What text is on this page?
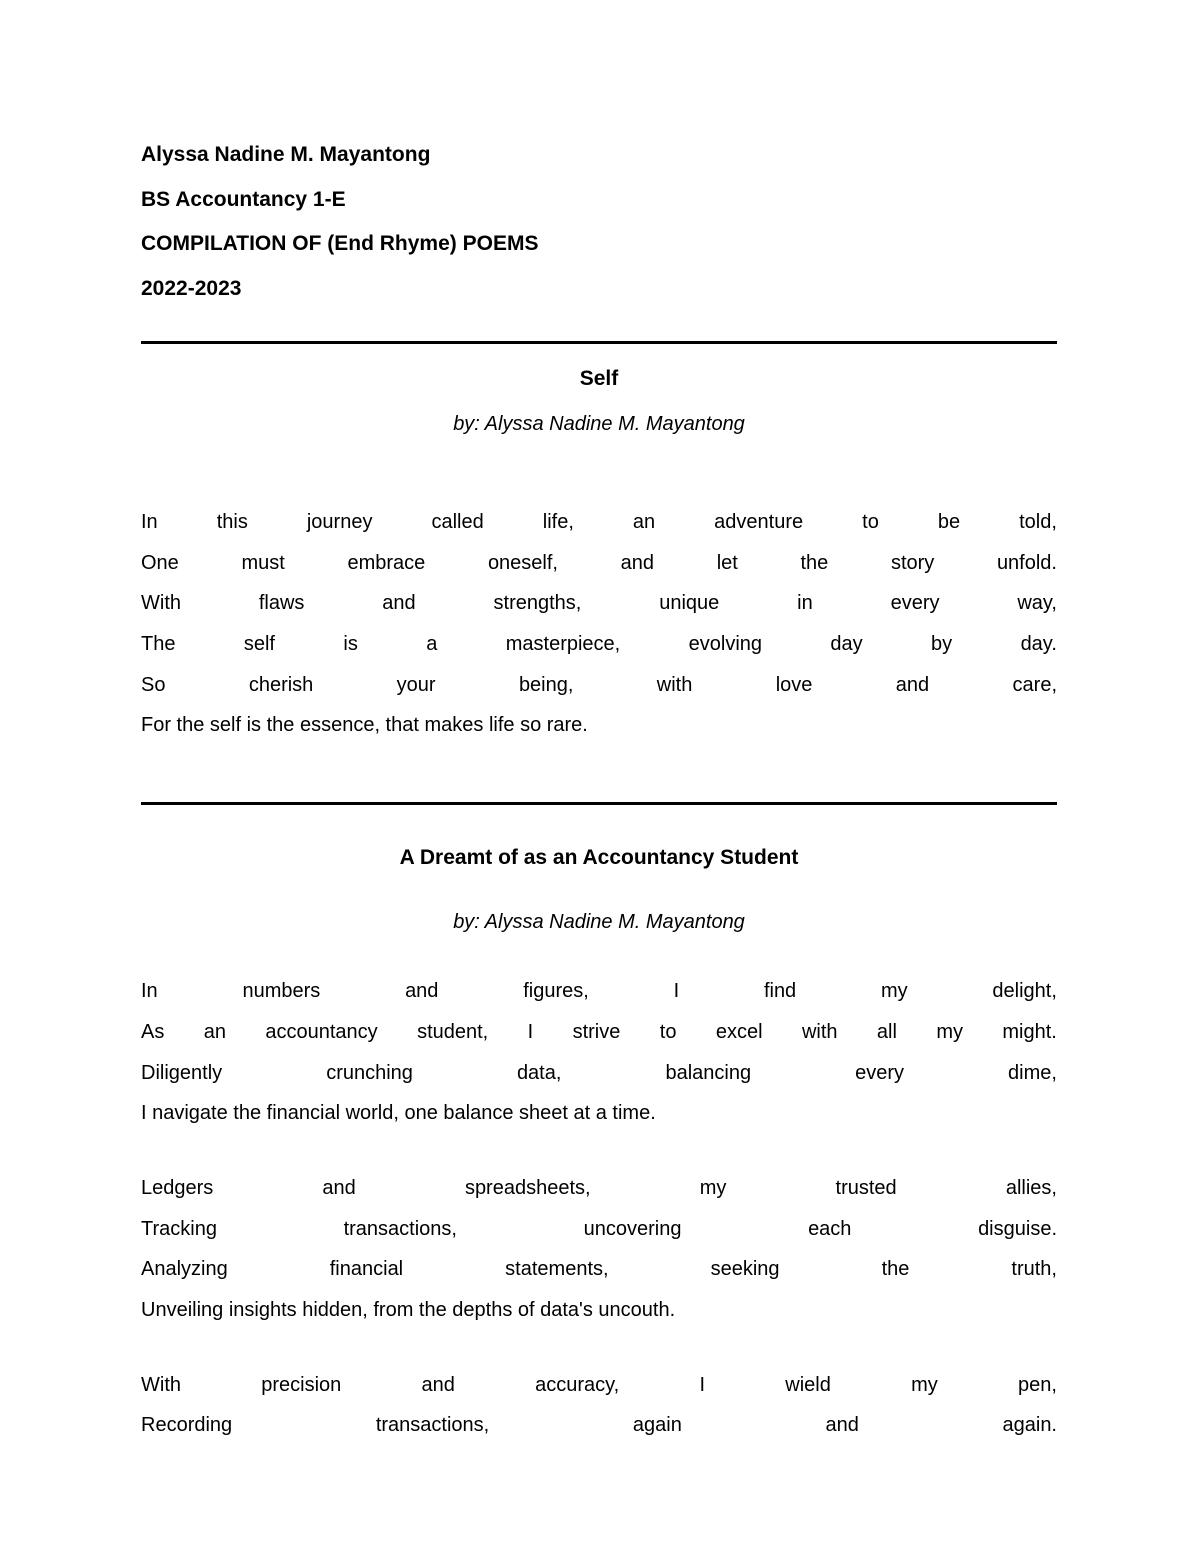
Alyssa Nadine M. Mayantong
BS Accountancy 1-E
COMPILATION OF (End Rhyme) POEMS
2022-2023
Self
by: Alyssa Nadine M. Mayantong
In	this	journey	called	life,	an	adventure	to	be	told,
One	must	embrace	oneself,	and	let	the	story	unfold.
With	flaws	and	strengths,	unique	in	every	way,
The	self	is	a	masterpiece,	evolving	day	by	day.
So	cherish	your	being,	with	love	and	care,
For the self is the essence, that makes life so rare.
A Dreamt of as an Accountancy Student
by: Alyssa Nadine M. Mayantong
In	numbers	and	figures,	I	find	my	delight,
As an accountancy student, I strive to excel with all my might.
Diligently	crunching	data,	balancing	every	dime,
I navigate the financial world, one balance sheet at a time.
Ledgers	and	spreadsheets,	my	trusted	allies,
Tracking	transactions,	uncovering	each	disguise.
Analyzing	financial	statements,	seeking	the	truth,
Unveiling insights hidden, from the depths of data's uncouth.
With	precision	and	accuracy,	I	wield	my	pen,
Recording	transactions,	again	and	again.
